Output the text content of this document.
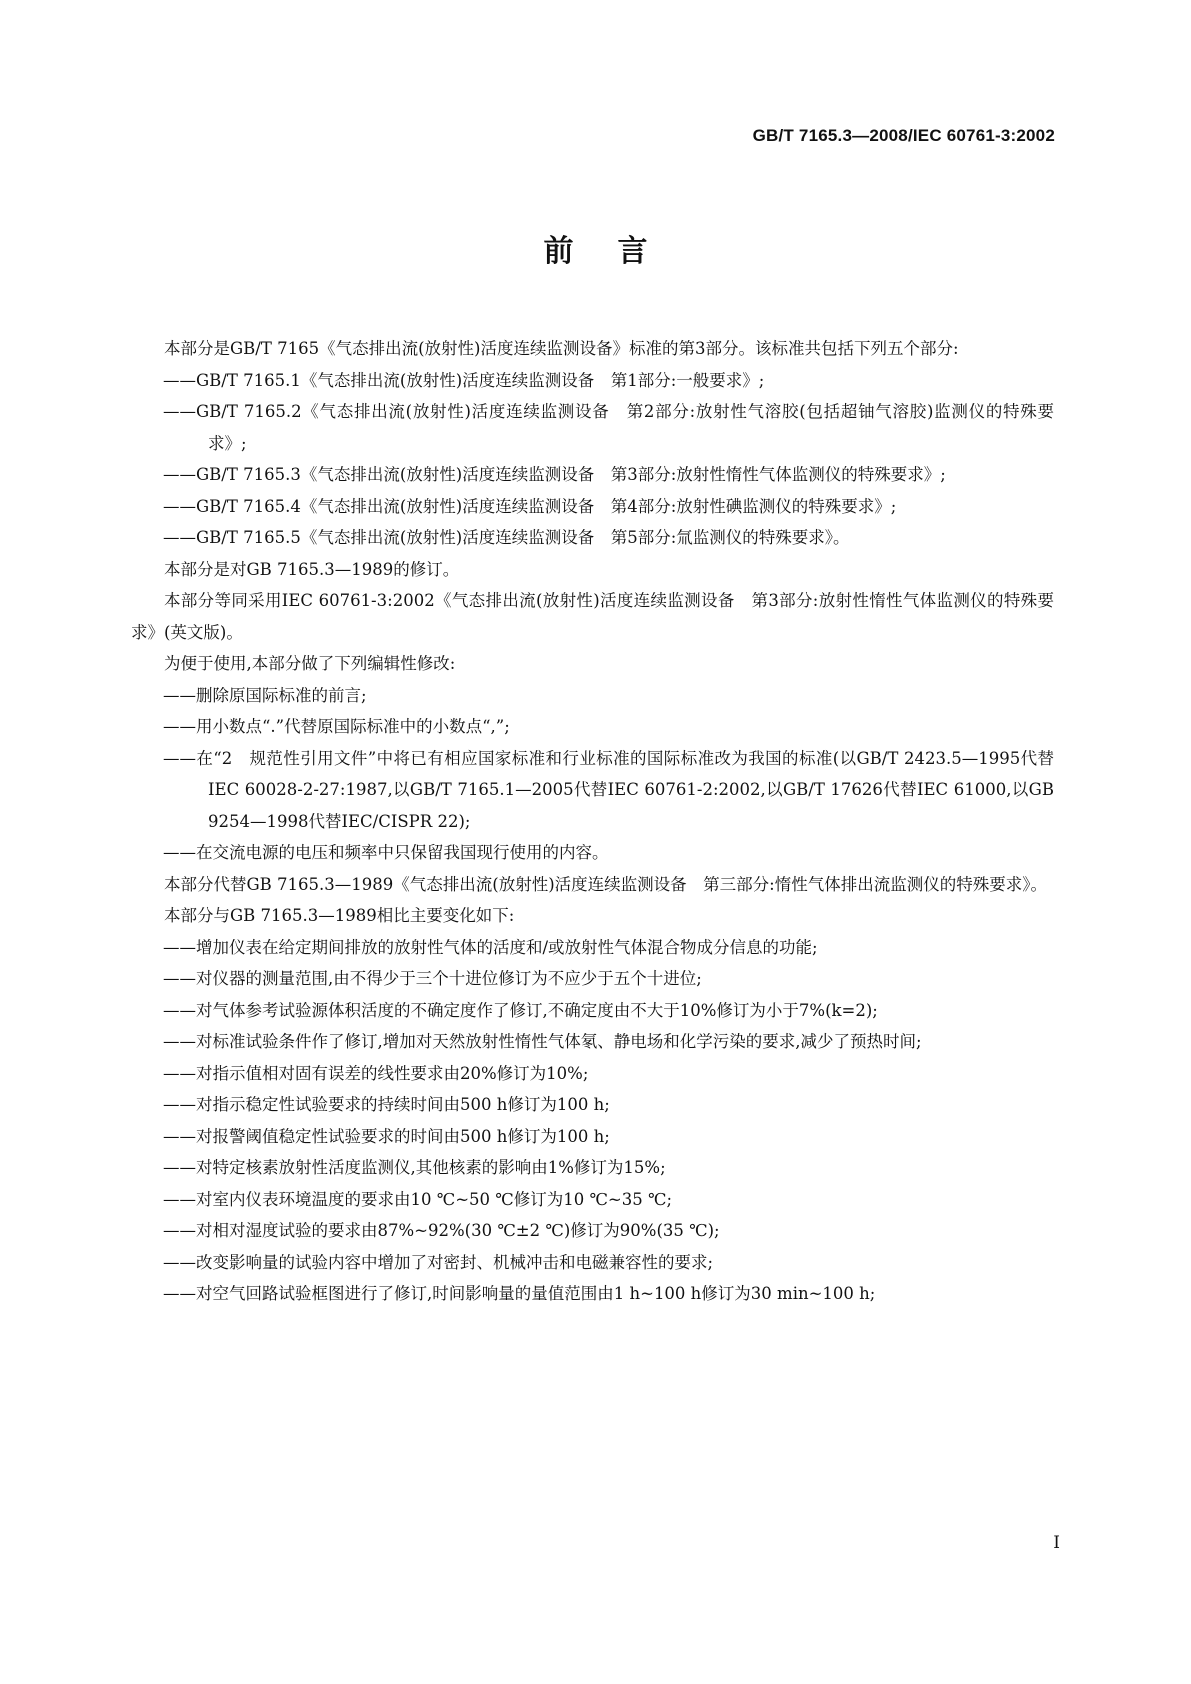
GB/T 7165.3—2008/IEC 60761-3:2002
前言

本部分是GB/T 7165《气态排出流(放射性)活度连续监测设备》标准的第3部分。该标准共包括下列五个部分:

——GB/T 7165.1《气态排出流(放射性)活度连续监测设备　第1部分:一般要求》;

——GB/T 7165.2《气态排出流(放射性)活度连续监测设备　第2部分:放射性气溶胶(包括超铀气溶胶)监测仪的特殊要求》;

——GB/T 7165.3《气态排出流(放射性)活度连续监测设备　第3部分:放射性惰性气体监测仪的特殊要求》;

——GB/T 7165.4《气态排出流(放射性)活度连续监测设备　第4部分:放射性碘监测仪的特殊要求》;

——GB/T 7165.5《气态排出流(放射性)活度连续监测设备　第5部分:氚监测仪的特殊要求》。

本部分是对GB 7165.3—1989的修订。

本部分等同采用IEC 60761-3:2002《气态排出流(放射性)活度连续监测设备　第3部分:放射性惰性气体监测仪的特殊要求》(英文版)。

为便于使用,本部分做了下列编辑性修改:

——删除原国际标准的前言;

——用小数点“.”代替原国际标准中的小数点“,”;

——在“2　规范性引用文件”中将已有相应国家标准和行业标准的国际标准改为我国的标准(以GB/T 2423.5—1995代替IEC 60028-2-27:1987,以GB/T 7165.1—2005代替IEC 60761-2:2002,以GB/T 17626代替IEC 61000,以GB 9254—1998代替IEC/CISPR 22);

——在交流电源的电压和频率中只保留我国现行使用的内容。

本部分代替GB 7165.3—1989《气态排出流(放射性)活度连续监测设备　第三部分:惰性气体排出流监测仪的特殊要求》。

本部分与GB 7165.3—1989相比主要变化如下:

——增加仪表在给定期间排放的放射性气体的活度和/或放射性气体混合物成分信息的功能;

——对仪器的测量范围,由不得少于三个十进位修订为不应少于五个十进位;

——对气体参考试验源体积活度的不确定度作了修订,不确定度由不大于10%修订为小于7%(k=2);

——对标准试验条件作了修订,增加对天然放射性惰性气体氡、静电场和化学污染的要求,减少了预热时间;

——对指示值相对固有误差的线性要求由20%修订为10%;

——对指示稳定性试验要求的持续时间由500 h修订为100 h;

——对报警阈值稳定性试验要求的时间由500 h修订为100 h;

——对特定核素放射性活度监测仪,其他核素的影响由1%修订为15%;

——对室内仪表环境温度的要求由10 ℃~50 ℃修订为10 ℃~35 ℃;

——对相对湿度试验的要求由87%~92%(30 ℃±2 ℃)修订为90%(35 ℃);

——改变影响量的试验内容中增加了对密封、机械冲击和电磁兼容性的要求;

——对空气回路试验框图进行了修订,时间影响量的量值范围由1 h~100 h修订为30 min~100 h;

I
